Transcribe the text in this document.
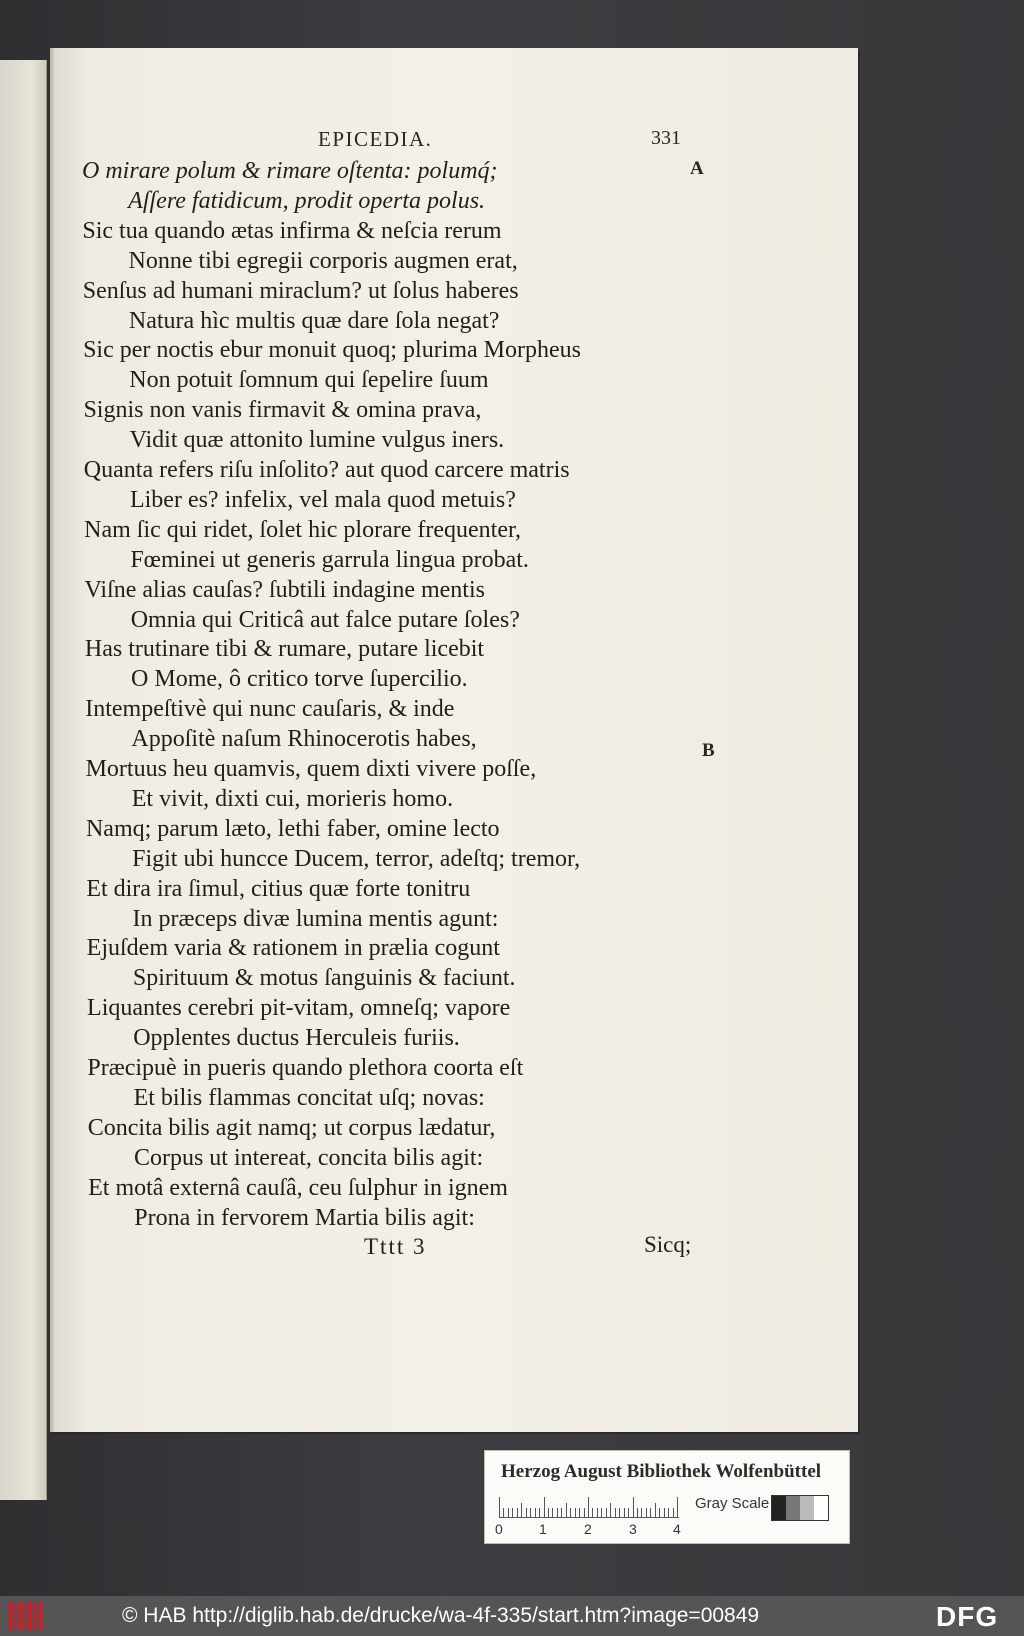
EPICEDIA.	331
A
B
O mirare polum & rimare oſtenta: polumq́;
Aſſere fatidicum, prodit operta polus.
Sic tua quando ætas infirma & neſcia rerum
Nonne tibi egregii corporis augmen erat,
Senſus ad humani miraclum? ut ſolus haberes
Natura hìc multis quæ dare ſola negat?
Sic per noctis ebur monuit quoq; plurima Morpheus
Non potuit ſomnum qui ſepelire ſuum
Signis non vanis firmavit & omina prava,
Vidit quæ attonito lumine vulgus iners.
Quanta refers riſu inſolito? aut quod carcere matris
Liber es? infelix, vel mala quod metuis?
Nam ſic qui ridet, ſolet hic plorare frequenter,
Fœminei ut generis garrula lingua probat.
Viſne alias cauſas? ſubtili indagine mentis
Omnia qui Criticâ aut falce putare ſoles?
Has trutinare tibi & rumare, putare licebit
O Mome, ô critico torve ſupercilio.
Intempeſtivè qui nunc cauſaris, & inde
Appoſitè naſum Rhinocerotis habes,
Mortuus heu quamvis, quem dixti vivere poſſe,
Et vivit, dixti cui, morieris homo.
Namq; parum læto, lethi faber, omine lecto
Figit ubi huncce Ducem, terror, adeſtq; tremor,
Et dira ira ſimul, citius quæ forte tonitru
In præceps divæ lumina mentis agunt:
Ejuſdem varia & rationem in prælia cogunt
Spirituum & motus ſanguinis & faciunt.
Liquantes cerebri pit-vitam, omneſq; vapore
Opplentes ductus Herculeis furiis.
Præcipuè in pueris quando plethora coorta eſt
Et bilis flammas concitat uſq; novas:
Concita bilis agit namq; ut corpus lædatur,
Corpus ut intereat, concita bilis agit:
Et motâ externâ cauſâ, ceu ſulphur in ignem
Prona in fervorem Martia bilis agit:
Tttt 3	Sicq;
Herzog August Bibliothek Wolfenbüttel
0	1	2	3	4
Gray Scale
© HAB http://diglib.hab.de/drucke/wa-4f-335/start.htm?image=00849	DFG
